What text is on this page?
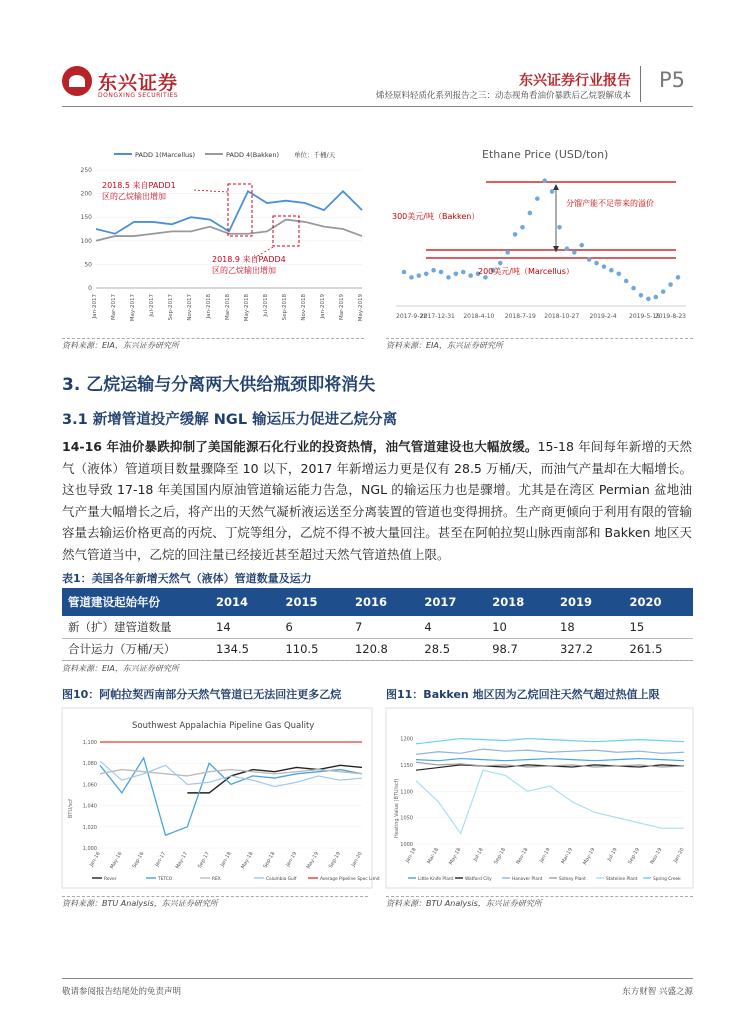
东兴证券
DONGXING SECURITIES
东兴证券行业报告
烯烃原料轻质化系列报告之三：动态视角看油价暴跌后乙烷裂解成本
P5
PADD 1(Marcellus)	PADD 4(Bakken) 单位：千桶/天
0
50
100
150
200
250
Jan-2017 Mar-2017 May-2017 Jul-2017 Sep-2017 Nov-2017 Jan-2018 Mar-2018 May-2018 Jul-2018 Sep-2018 Nov-2018 Jan-2019 Mar-2019 May-2019
2018.5 来自PADD1
区的乙烷输出增加
2018.9 来自PADD4
区的乙烷输出增加
资料来源：EIA，东兴证券研究所
Ethane Price (USD/ton)
2017-9-22
2017-12-31 2018-4-10 2018-7-19 2018-10-27 2019-2-4 2019-5-15
2019-8-23
分馏产能不足带来的溢价
300美元/吨（Bakken）
200美元/吨（Marcellus）
资料来源：EIA，东兴证券研究所
3. 乙烷运输与分离两大供给瓶颈即将消失
3.1 新增管道投产缓解 NGL 输运压力促进乙烷分离
14-16 年油价暴跌抑制了美国能源石化行业的投资热情，油气管道建设也大幅放缓。15-18 年间每年新增的天然气（液体）管道项目数量骤降至 10 以下，2017 年新增运力更是仅有 28.5 万桶/天，而油气产量却在大幅增长。这也导致 17-18 年美国国内原油管道输运能力告急，NGL 的输运压力也是骤增。尤其是在湾区 Permian 盆地油气产量大幅增长之后，将产出的天然气凝析液运送至分离装置的管道也变得拥挤。生产商更倾向于利用有限的管输容量去输运价格更高的丙烷、丁烷等组分，乙烷不得不被大量回注。甚至在阿帕拉契山脉西南部和 Bakken 地区天然气管道当中，乙烷的回注量已经接近甚至超过天然气管道热值上限。
表1：美国各年新增天然气（液体）管道数量及运力
管道建设起始年份	2014	2015	2016	2017	2018	2019	2020
新（扩）建管道数量	14	6	7	4	10	18	15
合计运力（万桶/天）	134.5	110.5	120.8	28.5	98.7	327.2	261.5
资料来源：EIA，东兴证券研究所
图10：阿帕拉契西南部分天然气管道已无法回注更多乙烷	图11：Bakken 地区因为乙烷回注天然气超过热值上限
Southwest Appalachia Pipeline Gas Quality
BTU/scf
1,000
1,020
1,040
1,060
1,080
1,100
Jan-16 May-16 Sep-16 Jan-17 May-17 Sep-17 Jan-18 May-18 Sep-18 Jan-19 May-19 Sep-19 Jan-20
Rover	TETCO	REX	Columbia Gulf	Average Pipeline Spec Limit
Heating Value (BTU/scf)
1000
1050
1100
1150
1200
Jan-18 Mar-18 May-18 Jul-18 Sep-18 Nov-18 Jan-19 Mar-19 May-19 Jul-19 Sep-19 Nov-19 Jan-20
Little Knife Plant	Watford City	Hanover Plant	Sidney Plant	Stateline Plant	Spring Creek
资料来源：BTU Analysis，东兴证券研究所	资料来源：BTU Analysis，东兴证券研究所
敬请参阅报告结尾处的免责声明	东方财智 兴盛之源
